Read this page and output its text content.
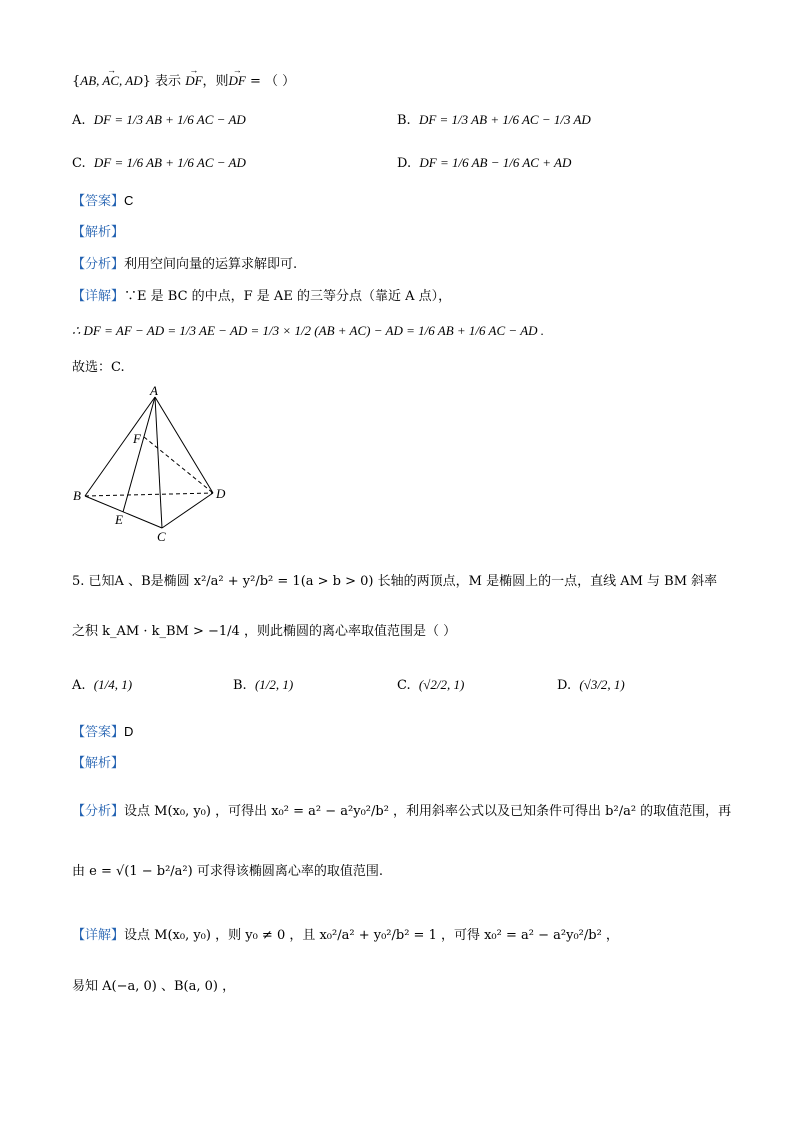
{→ AB, AC, AD} 表示 → DF，则→ DF = （ ）
A. DF = 1/3 AB + 1/6 AC − AD	B. DF = 1/3 AB + 1/6 AC − 1/3 AD
C. DF = 1/6 AB + 1/6 AC − AD	D. DF = 1/6 AB − 1/6 AC + AD
【答案】C
【解析】
【分析】利用空间向量的运算求解即可.
【详解】∵E 是 BC 的中点，F 是 AE 的三等分点（靠近 A 点），
∴ DF = AF − AD = 1/3 AE − AD = 1/3 × 1/2 (AB + AC) − AD = 1/6 AB + 1/6 AC − AD .
故选：C.
A
B
C
D
E
F
5. 已知A 、B是椭圆 x²/a² + y²/b² = 1(a > b > 0) 长轴的两顶点，M 是椭圆上的一点，直线 AM 与 BM 斜率
之积 k_AM · k_BM > −1/4 ，则此椭圆的离心率取值范围是（ ）
A. (1/4, 1)	B. (1/2, 1)	C. (√2/2, 1)	D. (√3/2, 1)
【答案】D
【解析】
【分析】设点 M(x₀, y₀) ，可得出 x₀² = a² − a²y₀²/b² ，利用斜率公式以及已知条件可得出 b²/a² 的取值范围，再
由 e = √(1 − b²/a²) 可求得该椭圆离心率的取值范围.
【详解】设点 M(x₀, y₀) ，则 y₀ ≠ 0 ，且 x₀²/a² + y₀²/b² = 1 ，可得 x₀² = a² − a²y₀²/b² ，
易知 A(−a, 0) 、B(a, 0) ，
